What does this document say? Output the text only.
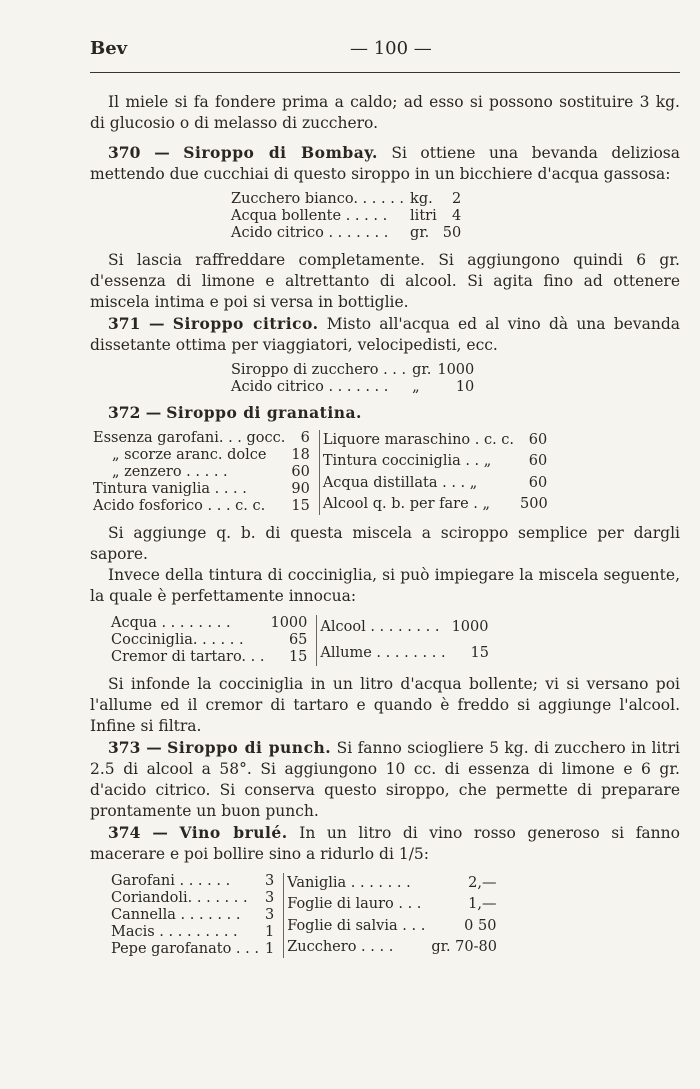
Bev	— 100 —

Il miele si fa fondere prima a caldo; ad esso si possono sostituire 3 kg. di glucosio o di melasso di zucchero.

370 — Siroppo di Bombay. Si ottiene una bevanda deliziosa mettendo due cucchiai di questo siroppo in un bicchiere d'acqua gassosa:

Zucchero bianco. . . . . .	kg.	2
Acqua bollente . . . . .	litri	4
Acido citrico . . . . . . .	gr.	50

Si lascia raffreddare completamente. Si aggiungono quindi 6 gr. d'essenza di limone e altrettanto di alcool. Si agita fino ad ottenere miscela intima e poi si versa in bottiglie.

371 — Siroppo citrico. Misto all'acqua ed al vino dà una bevanda dissetante ottima per viaggiatori, velocipedisti, ecc.

Siroppo di zucchero . . .	gr.	1000
Acido citrico . . . . . . .	„	10
372 — Siroppo di granatina.
Essenza garofani. . . gocc.	6
„ scorze aranc. dolce	18
„ zenzero . . . . .	60
Tintura vaniglia . . . .	90
Acido fosforico . . . c. c.	15
Liquore maraschino . c. c.	60
Tintura cocciniglia . . „	60
Acqua distillata . . . „	60
Alcool q. b. per fare . „	500

Si aggiunge q. b. di questa miscela a sciroppo semplice per dargli sapore.

Invece della tintura di cocciniglia, si può impiegare la miscela seguente, la quale è perfettamente innocua:

Acqua . . . . . . . .	1000
Cocciniglia. . . . . .	65
Cremor di tartaro. . .	15
Alcool . . . . . . . .	1000
Allume . . . . . . . .	15

Si infonde la cocciniglia in un litro d'acqua bollente; vi si versano poi l'allume ed il cremor di tartaro e quando è freddo si aggiunge l'alcool. Infine si filtra.

373 — Siroppo di punch. Si fanno sciogliere 5 kg. di zucchero in litri 2.5 di alcool a 58°. Si aggiungono 10 cc. di essenza di limone e 6 gr. d'acido citrico. Si conserva questo siroppo, che permette di preparare prontamente un buon punch.

374 — Vino brulé. In un litro di vino rosso generoso si fanno macerare e poi bollire sino a ridurlo di 1/5:

Garofani . . . . . .	3
Coriandoli. . . . . . .	3
Cannella . . . . . . .	3
Macis . . . . . . . . .	1
Pepe garofanato . . .	1
Vaniglia . . . . . . .	2,—
Foglie di lauro . . .	1,—
Foglie di salvia . . .	0 50
Zucchero . . . .	gr. 70-80
